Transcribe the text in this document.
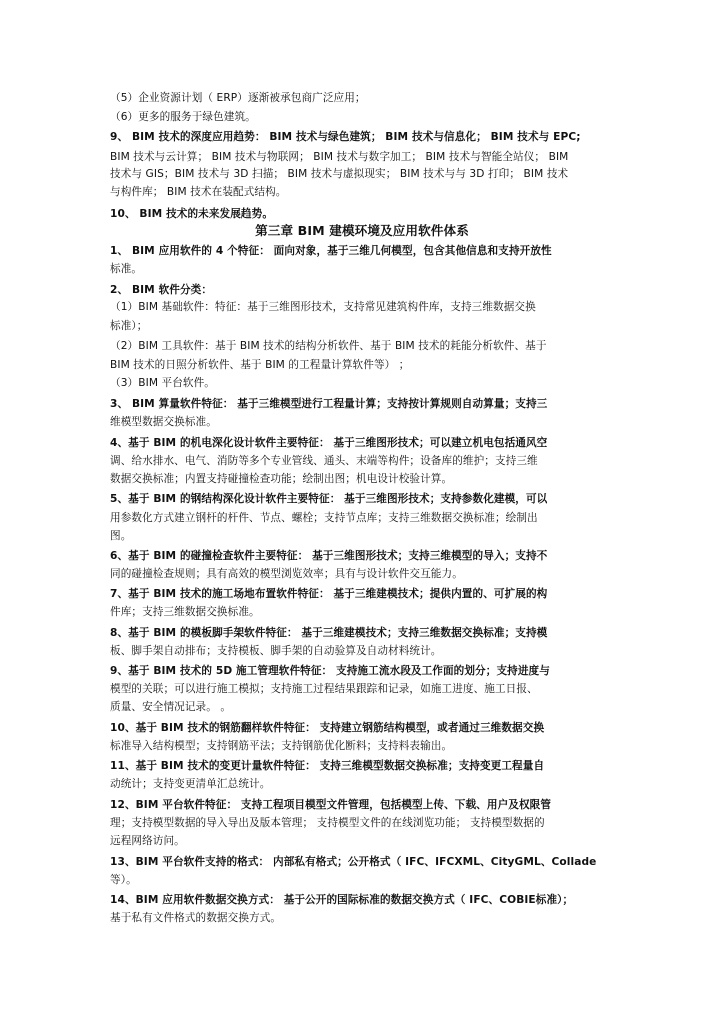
（5）企业资源计划（ ERP）逐渐被承包商广泛应用；
（6）更多的服务于绿色建筑。
9、 BIM 技术的深度应用趋势： BIM 技术与绿色建筑； BIM 技术与信息化； BIM 技术与 EPC;
BIM 技术与云计算； BIM 技术与物联网； BIM 技术与数字加工； BIM 技术与智能全站仪； BIM
技术与 GIS；BIM 技术与 3D 扫描； BIM 技术与虚拟现实； BIM 技术与与 3D 打印； BIM 技术
与构件库； BIM 技术在装配式结构。
10、 BIM 技术的未来发展趋势。
第三章 BIM 建模环境及应用软件体系
1、 BIM 应用软件的 4 个特征： 面向对象，基于三维几何模型，包含其他信息和支持开放性
标准。
2、 BIM 软件分类：
（1）BIM 基础软件：特征：基于三维图形技术，支持常见建筑构件库，支持三维数据交换
标准）；
（2）BIM 工具软件：基于 BIM 技术的结构分析软件、基于 BIM 技术的耗能分析软件、基于
BIM 技术的日照分析软件、基于 BIM 的工程量计算软件等） ；
（3）BIM 平台软件。
3、 BIM 算量软件特征： 基于三维模型进行工程量计算；支持按计算规则自动算量；支持三
维模型数据交换标准。
4、基于 BIM 的机电深化设计软件主要特征： 基于三维图形技术；可以建立机电包括通风空
调、给水排水、电气、消防等多个专业管线、通头、末端等构件；设备库的维护；支持三维
数据交换标准；内置支持碰撞检查功能；绘制出图；机电设计校验计算。
5、基于 BIM 的钢结构深化设计软件主要特征： 基于三维图形技术；支持参数化建模，可以
用参数化方式建立钢杆的杆件、节点、螺栓；支持节点库；支持三维数据交换标准；绘制出
图。
6、基于 BIM 的碰撞检查软件主要特征： 基于三维图形技术；支持三维模型的导入；支持不
同的碰撞检查规则；具有高效的模型浏览效率；具有与设计软件交互能力。
7、基于 BIM 技术的施工场地布置软件特征： 基于三维建模技术；提供内置的、可扩展的构
件库；支持三维数据交换标准。
8、基于 BIM 的模板脚手架软件特征： 基于三维建模技术；支持三维数据交换标准；支持模
板、脚手架自动排布；支持模板、脚手架的自动验算及自动材料统计。
9、基于 BIM 技术的 5D 施工管理软件特征： 支持施工流水段及工作面的划分；支持进度与
模型的关联；可以进行施工模拟；支持施工过程结果跟踪和记录，如施工进度、施工日报、
质量、安全情况记录。 。
10、基于 BIM 技术的钢筋翻样软件特征： 支持建立钢筋结构模型，或者通过三维数据交换
标准导入结构模型；支持钢筋平法；支持钢筋优化断料；支持料表输出。
11、基于 BIM 技术的变更计量软件特征： 支持三维模型数据交换标准；支持变更工程量自
动统计；支持变更清单汇总统计。
12、BIM 平台软件特征： 支持工程项目模型文件管理，包括模型上传、下载、用户及权限管
理；支持模型数据的导入导出及版本管理； 支持模型文件的在线浏览功能； 支持模型数据的
远程网络访问。
13、BIM 平台软件支持的格式： 内部私有格式；公开格式（ IFC、IFCXML、CityGML、Collade
等）。
14、BIM 应用软件数据交换方式： 基于公开的国际标准的数据交换方式（ IFC、COBIE标准）；
基于私有文件格式的数据交换方式。
